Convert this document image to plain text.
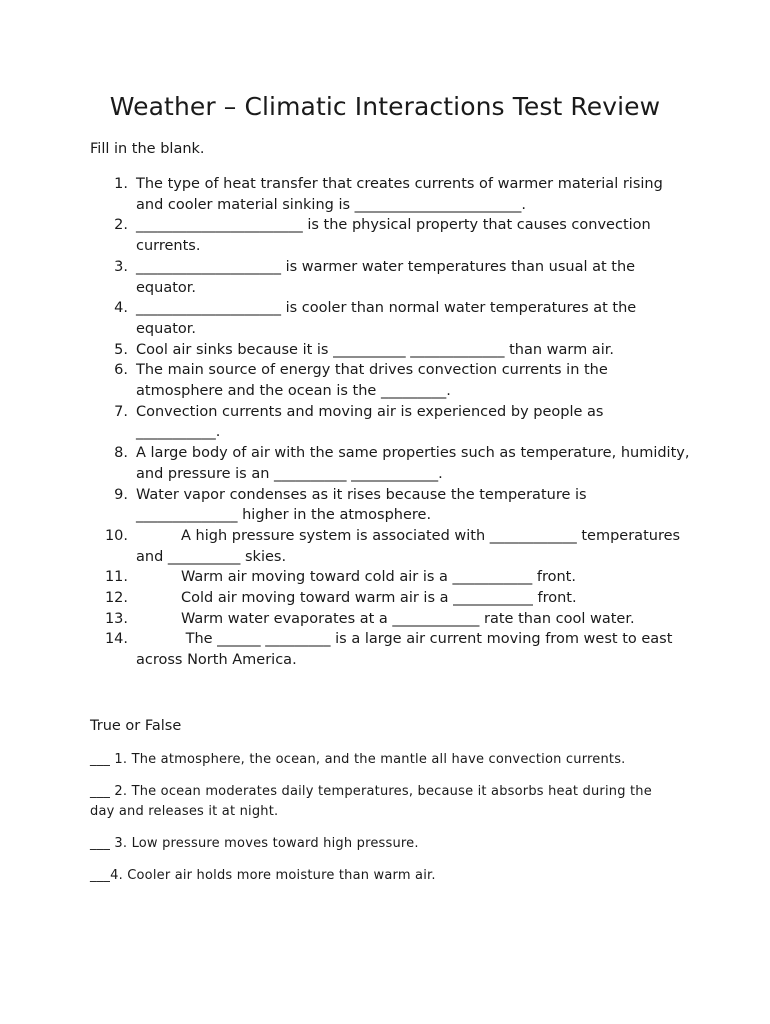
Weather – Climatic Interactions Test Review
Fill in the blank.
1. The type of heat transfer that creates currents of warmer material rising and cooler material sinking is _______________________.
2. _______________________ is the physical property that causes convection currents.
3. ____________________ is warmer water temperatures than usual at the equator.
4. ____________________ is cooler than normal water temperatures at the equator.
5. Cool air sinks because it is __________ _____________ than warm air.
6. The main source of energy that drives convection currents in the atmosphere and the ocean is the _________.
7. Convection currents and moving air is experienced by people as ___________.
8. A large body of air with the same properties such as temperature, humidity, and pressure is an __________ ____________.
9. Water vapor condenses as it rises because the temperature is ______________ higher in the atmosphere.
10.	A high pressure system is associated with ____________ temperatures and __________ skies.
11.	Warm air moving toward cold air is a ___________ front.
12.	Cold air moving toward warm air is a ___________ front.
13.	Warm water evaporates at a ____________ rate than cool water.
14.	The ______ _________ is a large air current moving from west to east across North America.
True or False
___ 1. The atmosphere, the ocean, and the mantle all have convection currents.
___ 2. The ocean moderates daily temperatures, because it absorbs heat during the day and releases it at night.
___ 3. Low pressure moves toward high pressure.
___4. Cooler air holds more moisture than warm air.
